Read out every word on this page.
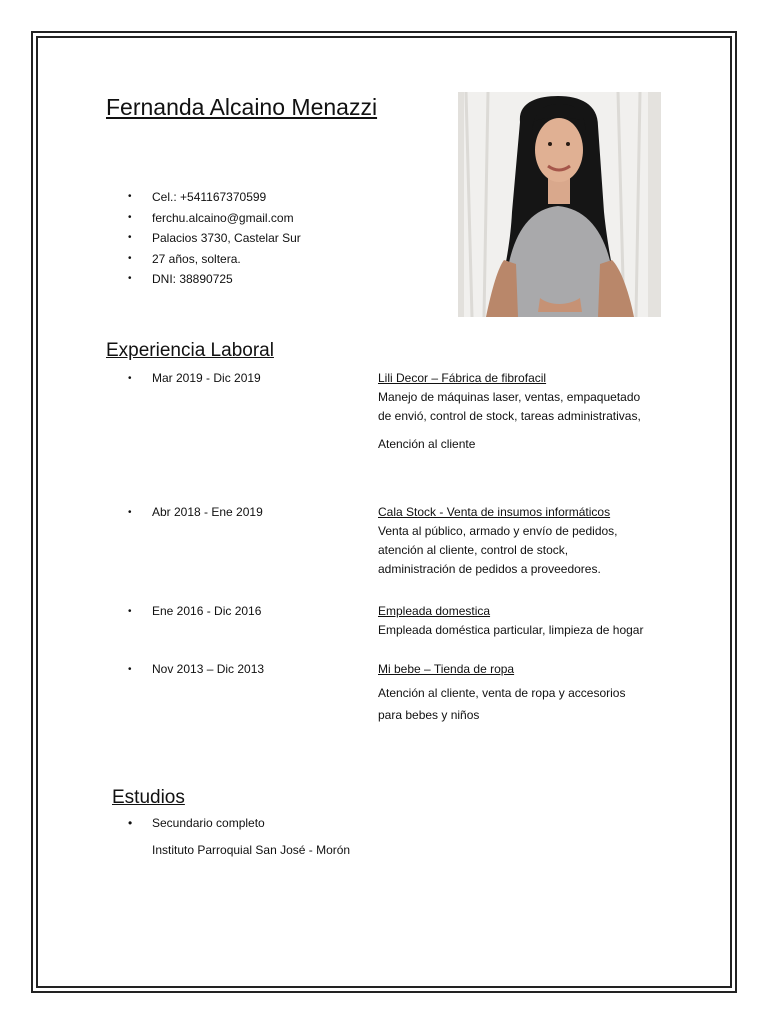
Fernanda Alcaino Menazzi
• Cel.: +541167370599
• ferchu.alcaino@gmail.com
• Palacios 3730, Castelar Sur
• 27 años, soltera.
• DNI: 38890725
Experiencia Laboral
• Mar 2019 - Dic 2019	Lili Decor – Fábrica de fibrofacil
Manejo de máquinas laser, ventas, empaquetado
de envió, control de stock, tareas administrativas,
Atención al cliente
• Abr 2018 - Ene 2019	Cala Stock - Venta de insumos informáticos
Venta al público, armado y envío de pedidos,
atención al cliente, control de stock,
administración de pedidos a proveedores.
• Ene 2016 - Dic 2016	Empleada domestica
Empleada doméstica particular, limpieza de hogar
• Nov 2013 – Dic 2013	Mi bebe – Tienda de ropa
Atención al cliente, venta de ropa y accesorios
para bebes y niños
Estudios
• Secundario completo
Instituto Parroquial San José - Morón
